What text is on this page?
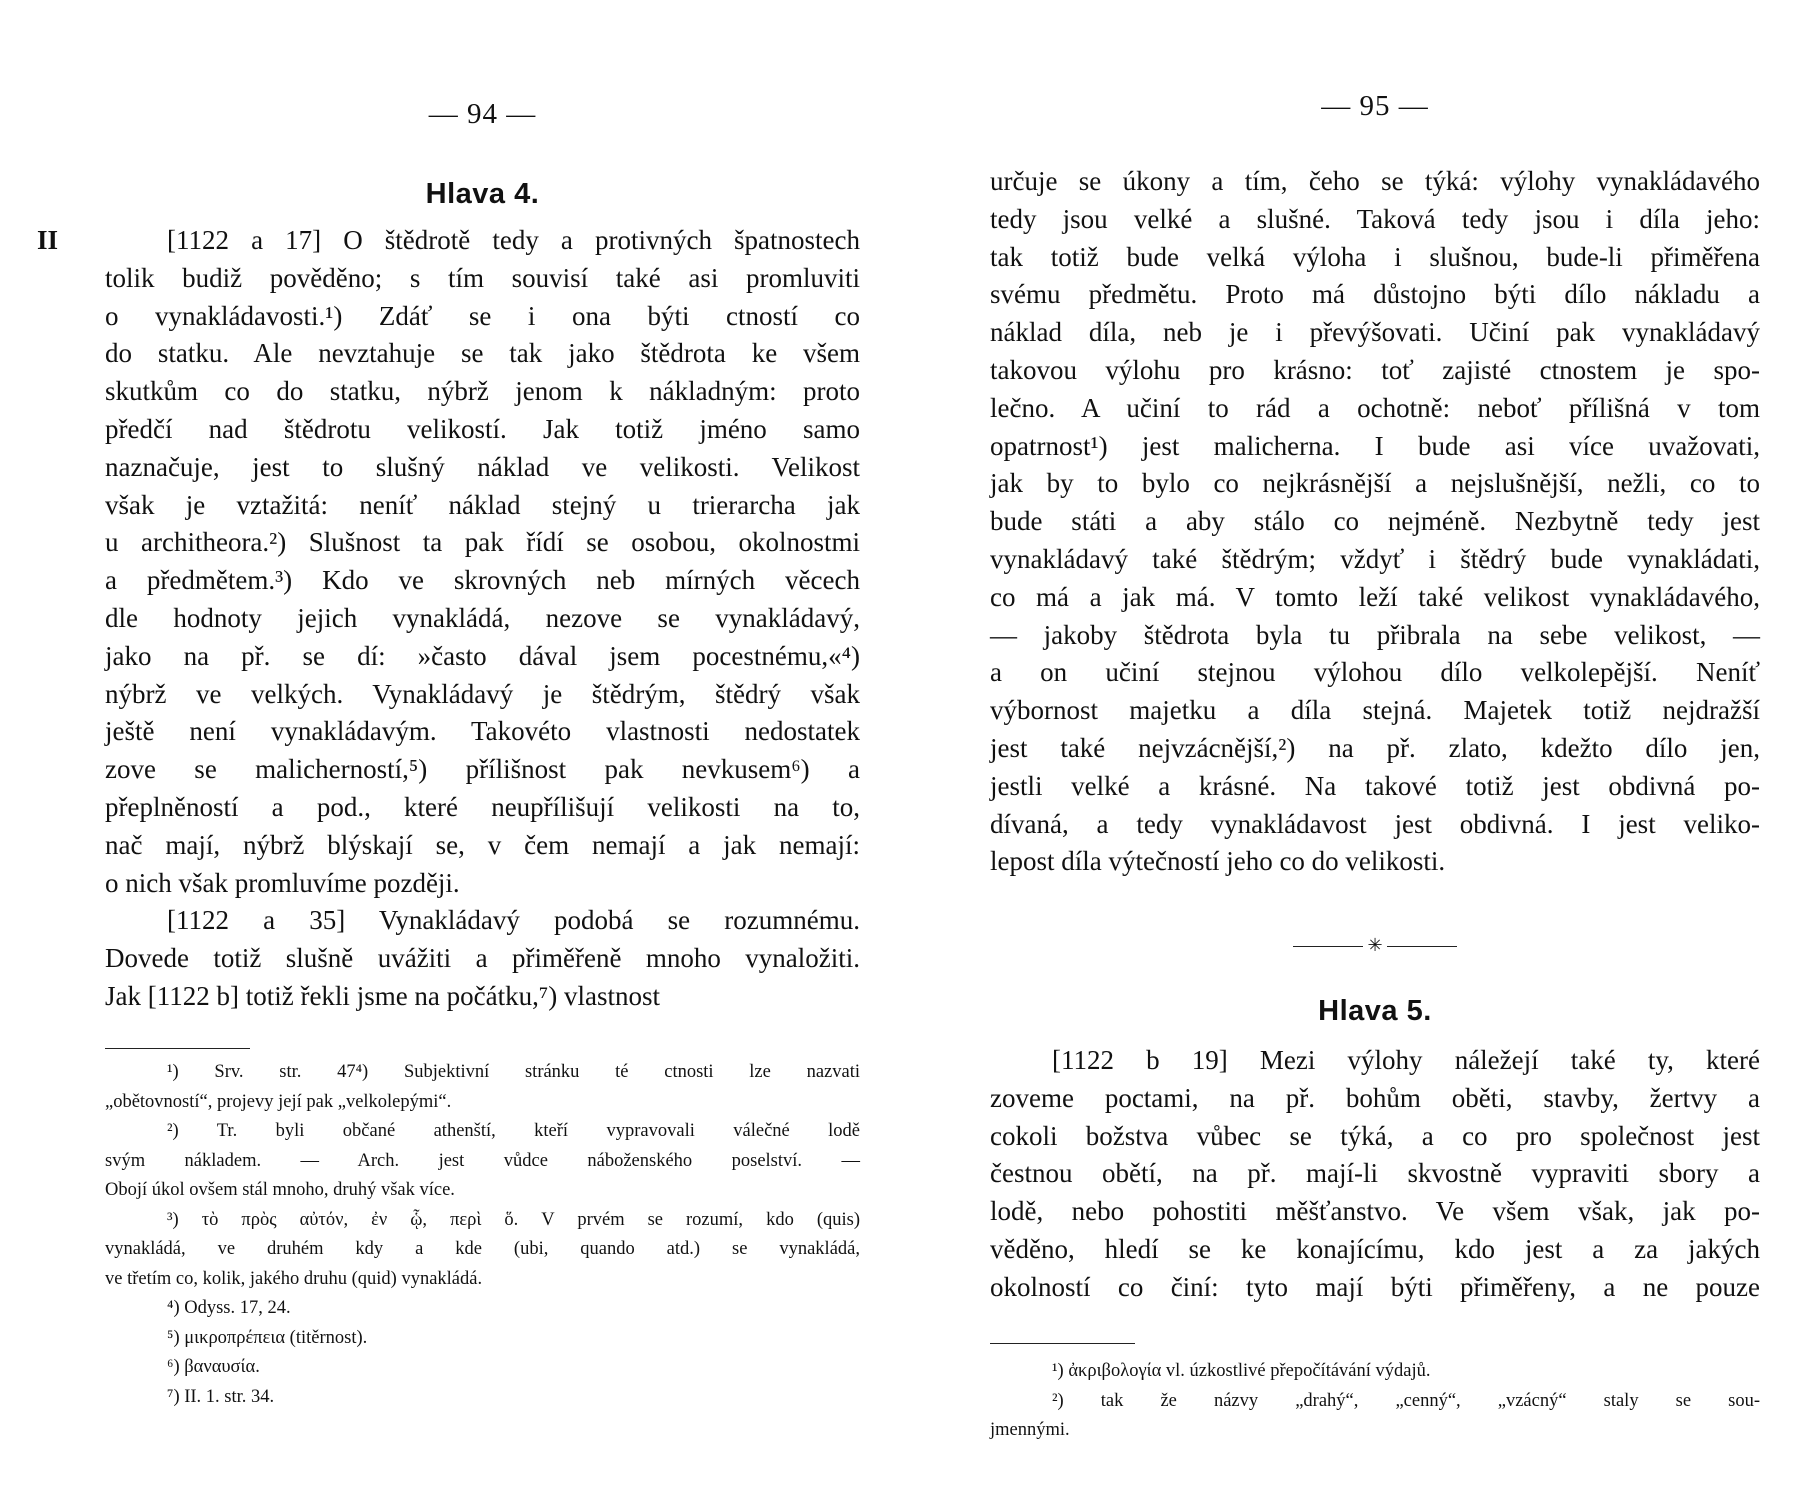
— 94 —
Hlava 4.
II	[1122 a 17] O štědrotě tedy a protivných špatnostech
tolik budiž pověděno; s tím souvisí také asi promluviti
o vynakládavosti.¹) Zdáť se i ona býti ctností co
do statku. Ale nevztahuje se tak jako štědrota ke všem
skutkům co do statku, nýbrž jenom k nákladným: proto
předčí nad štědrotu velikostí. Jak totiž jméno samo
naznačuje, jest to slušný náklad ve velikosti. Velikost
však je vztažitá: neníť náklad stejný u trierarcha jak
u architheora.²) Slušnost ta pak řídí se osobou, okolnostmi
a předmětem.³) Kdo ve skrovných neb mírných věcech
dle hodnoty jejich vynakládá, nezove se vynakládavý,
jako na př. se dí: »často dával jsem pocestnému,«⁴)
nýbrž ve velkých. Vynakládavý je štědrým, štědrý však
ještě není vynakládavým. Takovéto vlastnosti nedostatek
zove se malicherností,⁵) přílišnost pak nevkusem⁶) a
přeplněností a pod., které neupřílišují velikosti na to,
nač mají, nýbrž blýskají se, v čem nemají a jak nemají:
o nich však promluvíme později.
[1122 a 35] Vynakládavý podobá se rozumnému.
Dovede totiž slušně uvážiti a přiměřeně mnoho vynaložiti.
Jak [1122 b] totiž řekli jsme na počátku,⁷) vlastnost
¹) Srv. str. 47⁴) Subjektivní stránku té ctnosti lze nazvati
„obětovností“, projevy její pak „velkolepými“.
²) Tr. byli občané athenští, kteří vypravovali válečné lodě
svým nákladem. — Arch. jest vůdce náboženského poselství. —
Obojí úkol ovšem stál mnoho, druhý však více.
³) τὸ πρὸς αὐτόν, ἐν ᾧ, περὶ ὅ. V prvém se rozumí, kdo (quis)
vynakládá, ve druhém kdy a kde (ubi, quando atd.) se vynakládá,
ve třetím co, kolik, jakého druhu (quid) vynakládá.
⁴) Odyss. 17, 24.
⁵) μικροπρέπεια (titěrnost).
⁶) βαναυσία.
⁷) II. 1. str. 34.
— 95 —
určuje se úkony a tím, čeho se týká: výlohy vynakládavého
tedy jsou velké a slušné. Taková tedy jsou i díla jeho:
tak totiž bude velká výloha i slušnou, bude-li přiměřena
svému předmětu. Proto má důstojno býti dílo nákladu a
náklad díla, neb je i převýšovati. Učiní pak vynakládavý
takovou výlohu pro krásno: toť zajisté ctnostem je spo-
lečno. A učiní to rád a ochotně: neboť přílišná v tom
opatrnost¹) jest malicherna. I bude asi více uvažovati,
jak by to bylo co nejkrásnější a nejslušnější, nežli, co to
bude státi a aby stálo co nejméně. Nezbytně tedy jest
vynakládavý také štědrým; vždyť i štědrý bude vynakládati,
co má a jak má. V tomto leží také velikost vynakládavého,
— jakoby štědrota byla tu přibrala na sebe velikost, —
a on učiní stejnou výlohou dílo velkolepější. Neníť
výbornost majetku a díla stejná. Majetek totiž nejdražší
jest také nejvzácnější,²) na př. zlato, kdežto dílo jen,
jestli velké a krásné. Na takové totiž jest obdivná po-
dívaná, a tedy vynakládavost jest obdivná. I jest veliko-
lepost díla výtečností jeho co do velikosti.
✳
Hlava 5.
[1122 b 19] Mezi výlohy náležejí také ty, které
zoveme poctami, na př. bohům oběti, stavby, žertvy a
cokoli božstva vůbec se týká, a co pro společnost jest
čestnou obětí, na př. mají-li skvostně vypraviti sbory a
lodě, nebo pohostiti měšťanstvo. Ve všem však, jak po-
věděno, hledí se ke konajícímu, kdo jest a za jakých
okolností co činí: tyto mají býti přiměřeny, a ne pouze
¹) ἀκριβολογία vl. úzkostlivé přepočítávání výdajů.
²) tak že názvy „drahý“, „cenný“, „vzácný“ staly se sou-
jmennými.
